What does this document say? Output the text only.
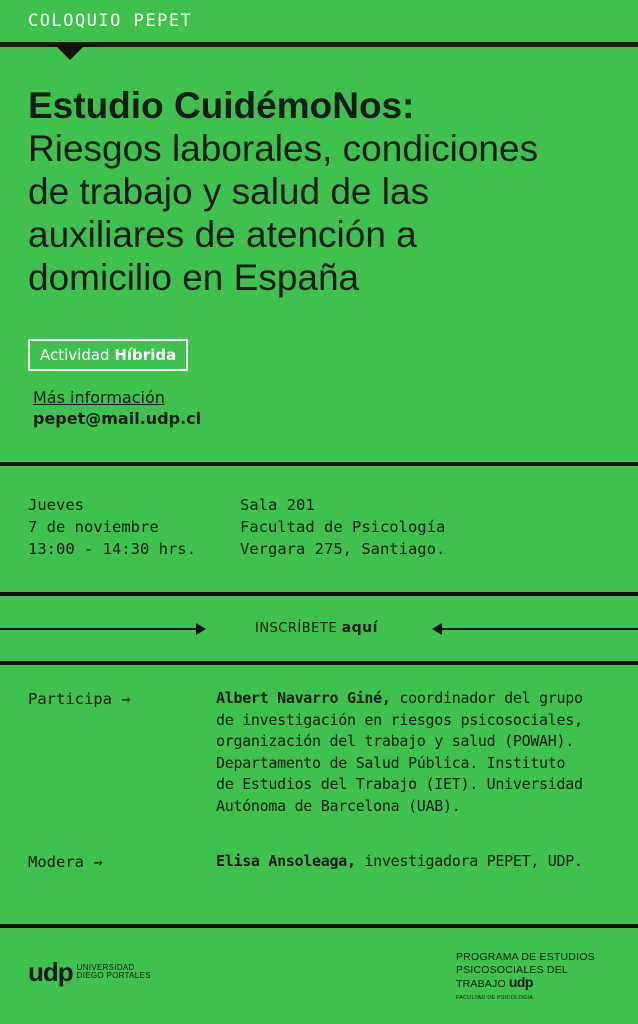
COLOQUIO PEPET
Estudio CuidémoNos:
Riesgos laborales, condiciones
de trabajo y salud de las
auxiliares de atención a
domicilio en España
Actividad Híbrida
Más información
pepet@mail.udp.cl
Jueves
7 de noviembre
13:00 - 14:30 hrs.
Sala 201
Facultad de Psicología
Vergara 275, Santiago.
INSCRÍBETE aquí
Participa →	Albert Navarro Giné, coordinador del grupo
de investigación en riesgos psicosociales,
organización del trabajo y salud (POWAH).
Departamento de Salud Pública. Instituto
de Estudios del Trabajo (IET). Universidad
Autónoma de Barcelona (UAB).
Modera →	Elisa Ansoleaga, investigadora PEPET, UDP.
udp UNIVERSIDAD
DIEGO PORTALES
PROGRAMA DE ESTUDIOS
PSICOSOCIALES DEL
TRABAJO udp
FACULTAD DE PSICOLOGÍA
